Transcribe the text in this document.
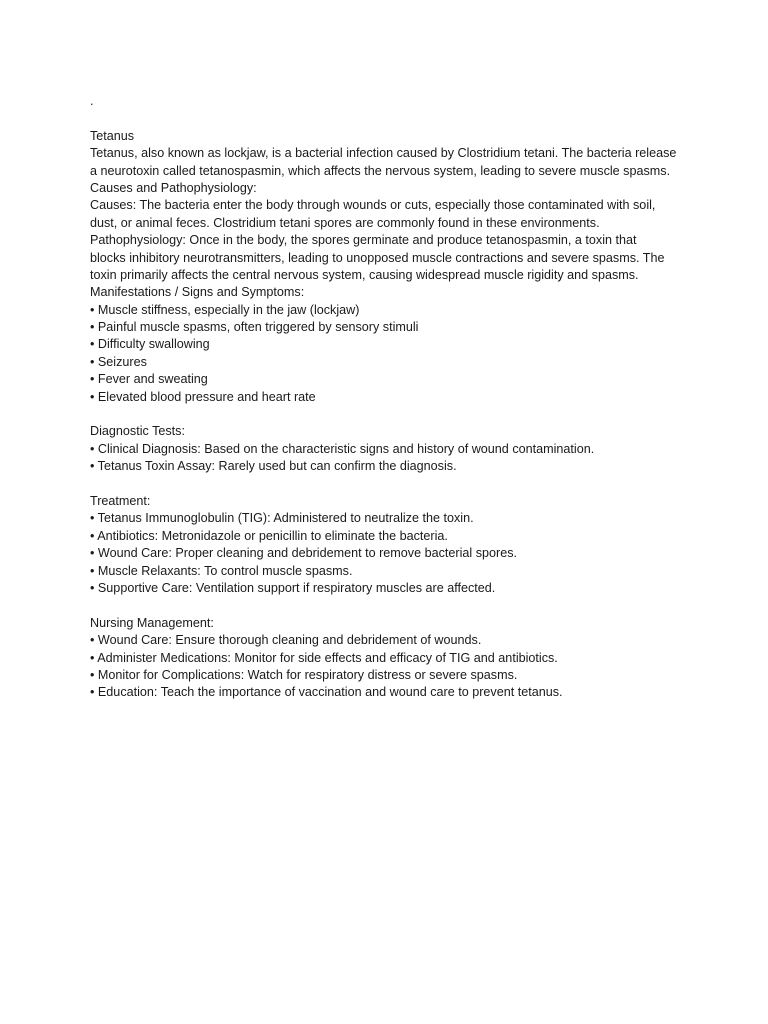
.
Tetanus
Tetanus, also known as lockjaw, is a bacterial infection caused by Clostridium tetani. The bacteria release
a neurotoxin called tetanospasmin, which affects the nervous system, leading to severe muscle spasms.
Causes and Pathophysiology:
Causes: The bacteria enter the body through wounds or cuts, especially those contaminated with soil,
dust, or animal feces. Clostridium tetani spores are commonly found in these environments.
Pathophysiology: Once in the body, the spores germinate and produce tetanospasmin, a toxin that
blocks inhibitory neurotransmitters, leading to unopposed muscle contractions and severe spasms. The
toxin primarily affects the central nervous system, causing widespread muscle rigidity and spasms.
Manifestations / Signs and Symptoms:
• Muscle stiffness, especially in the jaw (lockjaw)
• Painful muscle spasms, often triggered by sensory stimuli
• Difficulty swallowing
• Seizures
• Fever and sweating
• Elevated blood pressure and heart rate
Diagnostic Tests:
• Clinical Diagnosis: Based on the characteristic signs and history of wound contamination.
• Tetanus Toxin Assay: Rarely used but can confirm the diagnosis.
Treatment:
• Tetanus Immunoglobulin (TIG): Administered to neutralize the toxin.
• Antibiotics: Metronidazole or penicillin to eliminate the bacteria.
• Wound Care: Proper cleaning and debridement to remove bacterial spores.
• Muscle Relaxants: To control muscle spasms.
• Supportive Care: Ventilation support if respiratory muscles are affected.
Nursing Management:
• Wound Care: Ensure thorough cleaning and debridement of wounds.
• Administer Medications: Monitor for side effects and efficacy of TIG and antibiotics.
• Monitor for Complications: Watch for respiratory distress or severe spasms.
• Education: Teach the importance of vaccination and wound care to prevent tetanus.
